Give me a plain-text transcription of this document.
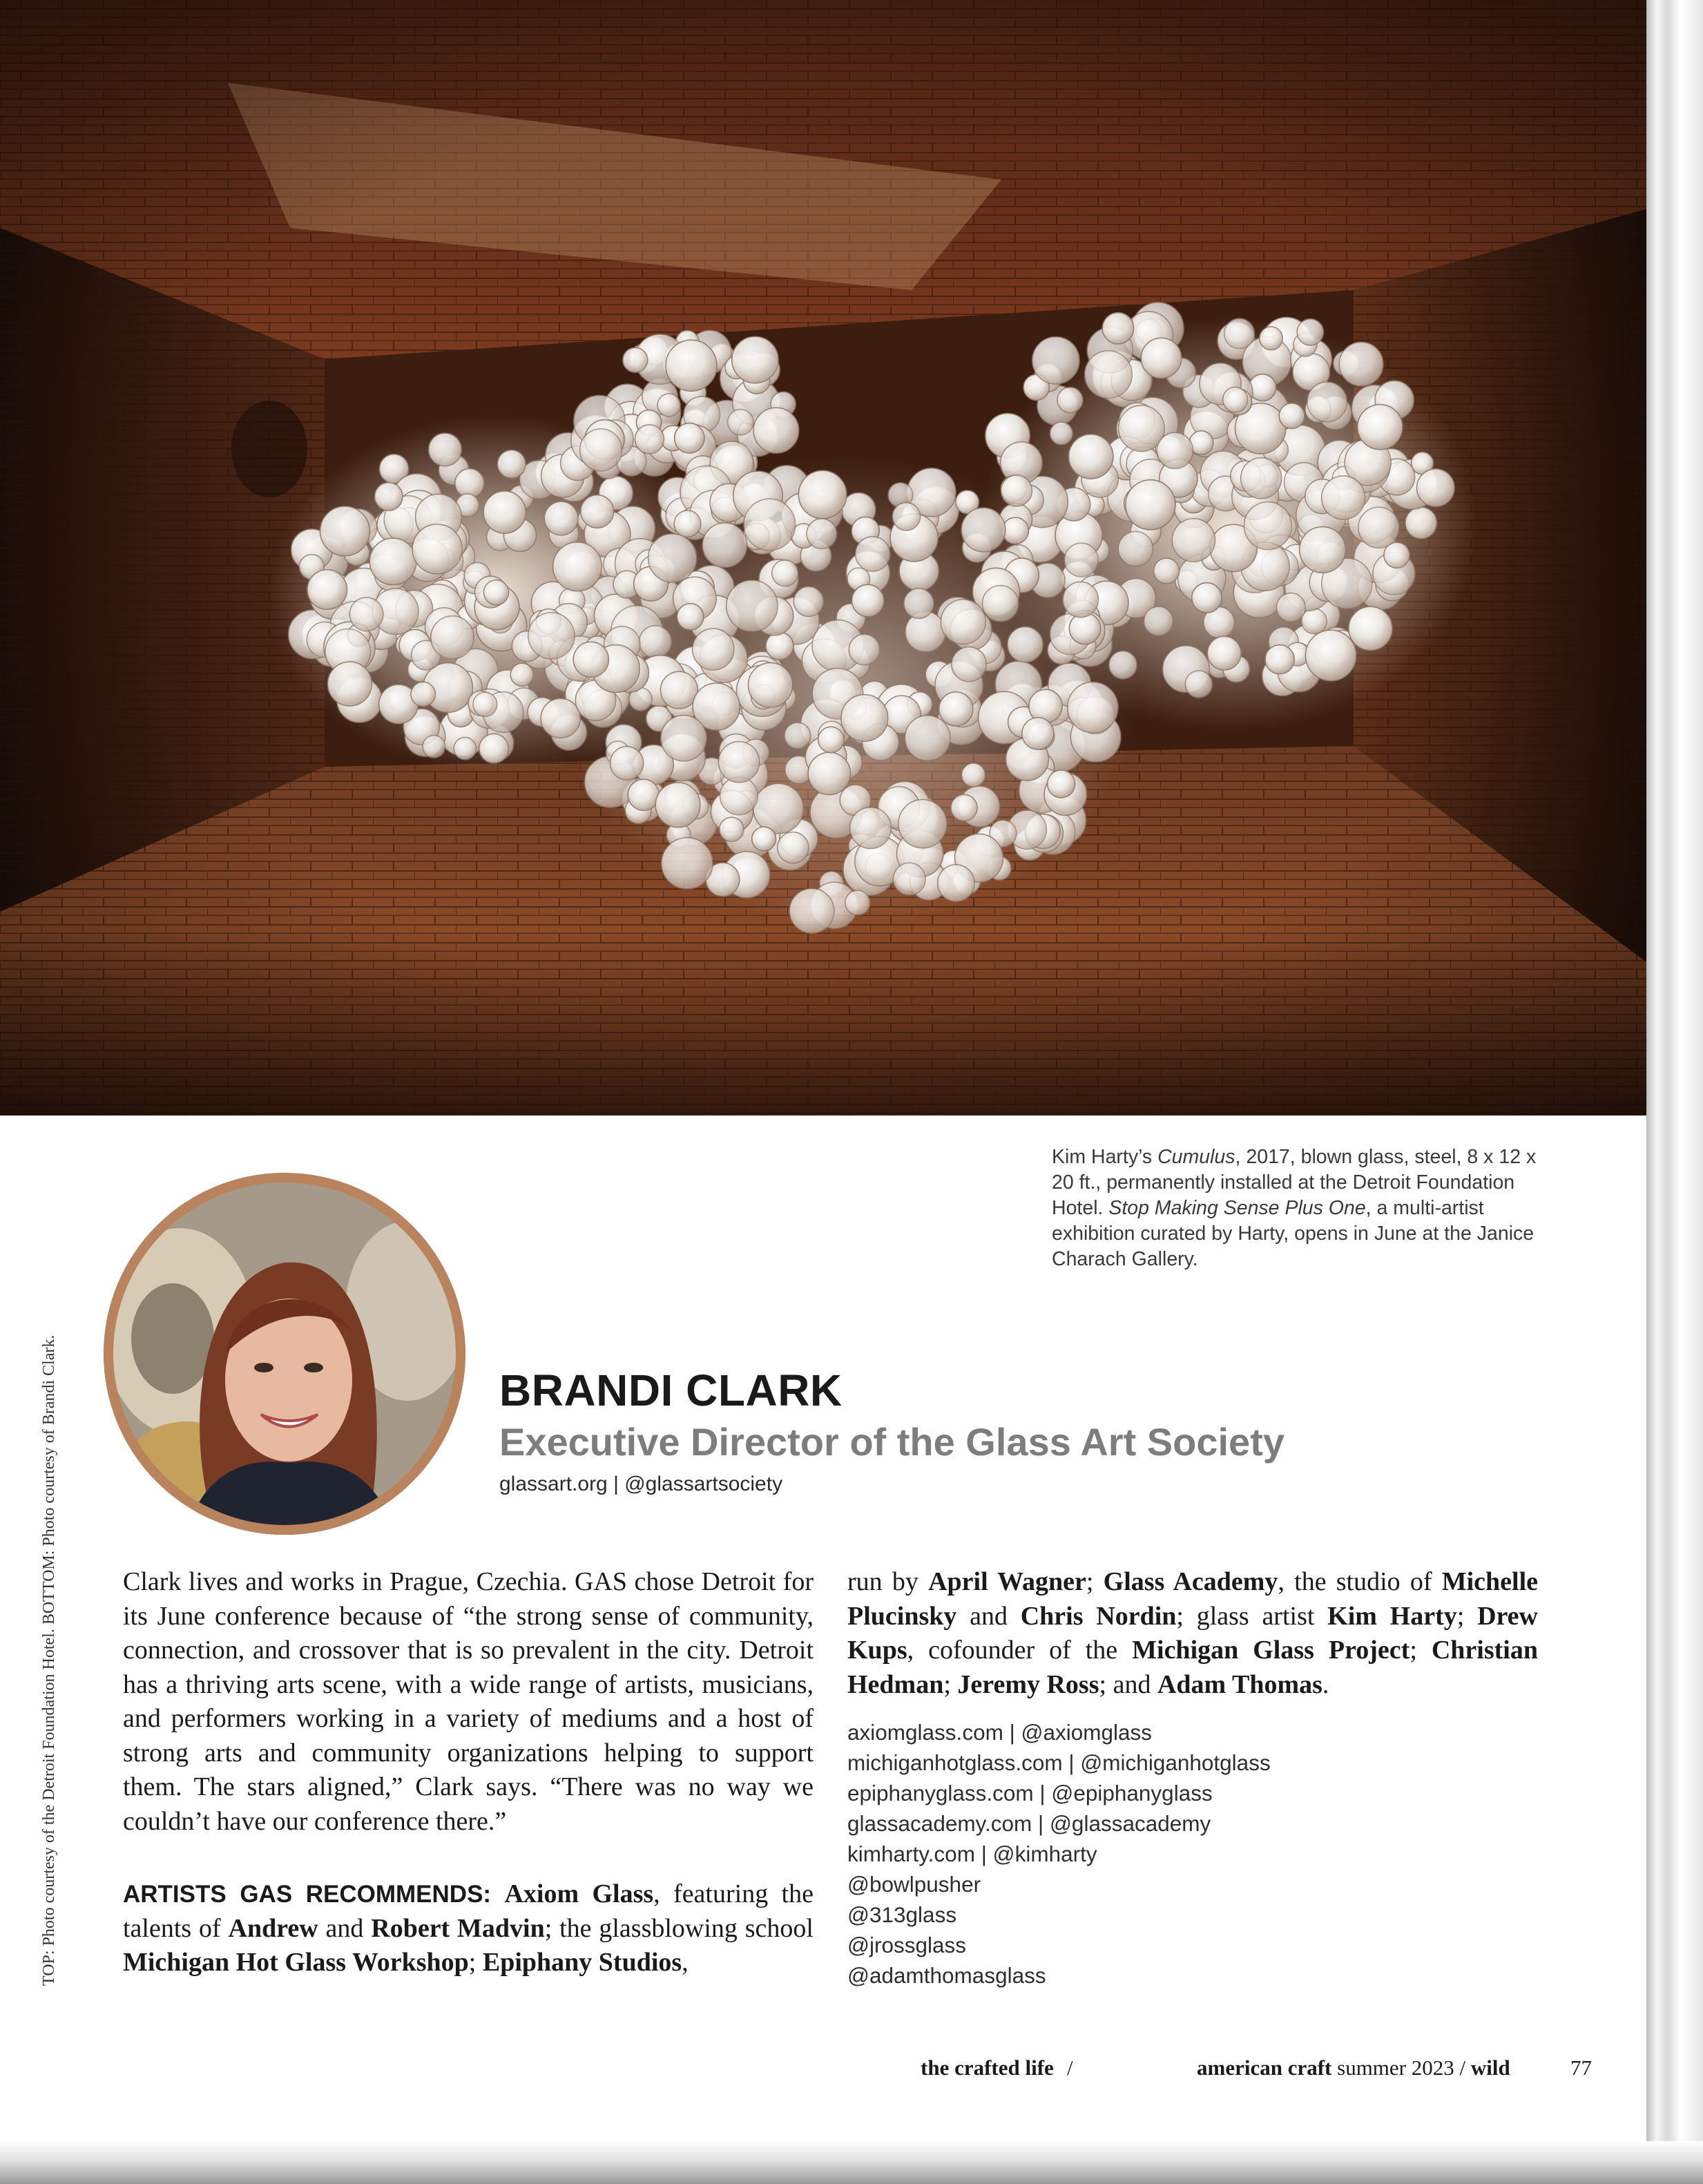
Kim Harty’s Cumulus, 2017, blown glass, steel, 8 x 12 x 20 ft., permanently installed at the Detroit Foundation Hotel. Stop Making Sense Plus One, a multi-artist exhibition curated by Harty, opens in June at the Janice Charach Gallery.

TOP: Photo courtesy of the Detroit Foundation Hotel. BOTTOM: Photo courtesy of Brandi Clark.	BRANDI CLARK
Executive Director of the Glass Art Society

glassart.org | @glassartsociety

Clark lives and works in Prague, Czechia. GAS chose Detroit for its June conference because of “the strong sense of community, connection, and crossover that is so prevalent in the city. Detroit has a thriving arts scene, with a wide range of artists, musicians, and performers working in a variety of mediums and a host of strong arts and community organizations helping to support them. The stars aligned,” Clark says. “There was no way we couldn’t have our conference there.”

ARTISTS GAS RECOMMENDS: Axiom Glass, featuring the talents of Andrew and Robert Madvin; the glassblowing school Michigan Hot Glass Workshop; Epiphany Studios,

run by April Wagner; Glass Academy, the studio of Michelle Plucinsky and Chris Nordin; glass artist Kim Harty; Drew Kups, cofounder of the Michigan Glass Project; Christian Hedman; Jeremy Ross; and Adam Thomas.

axiomglass.com | @axiomglass
michiganhotglass.com | @michiganhotglass
epiphanyglass.com | @epiphanyglass
glassacademy.com | @glassacademy
kimharty.com | @kimharty
@bowlpusher
@313glass
@jrossglass
@adamthomasglass

the crafted life /	american craft summer 2023 / wild	77
